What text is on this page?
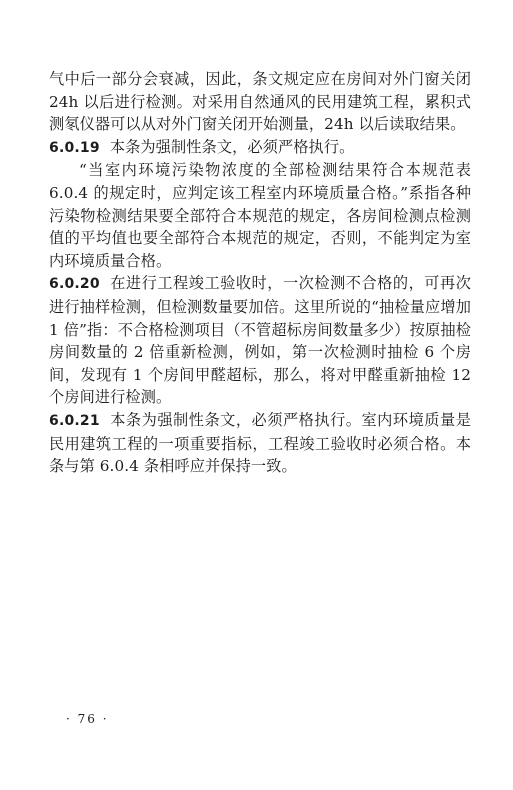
气中后一部分会衰减，因此，条文规定应在房间对外门窗关闭 24h 以后进行检测。对采用自然通风的民用建筑工程，累积式测氡仪器可以从对外门窗关闭开始测量，24h 以后读取结果。

6.0.19 本条为强制性条文，必须严格执行。

“当室内环境污染物浓度的全部检测结果符合本规范表6.0.4 的规定时，应判定该工程室内环境质量合格。”系指各种污染物检测结果要全部符合本规范的规定，各房间检测点检测值的平均值也要全部符合本规范的规定，否则，不能判定为室内环境质量合格。

6.0.20 在进行工程竣工验收时，一次检测不合格的，可再次进行抽样检测，但检测数量要加倍。这里所说的“抽检量应增加 1 倍”指：不合格检测项目（不管超标房间数量多少）按原抽检房间数量的 2 倍重新检测，例如，第一次检测时抽检 6 个房间，发现有 1 个房间甲醛超标，那么，将对甲醛重新抽检 12 个房间进行检测。

6.0.21 本条为强制性条文，必须严格执行。室内环境质量是民用建筑工程的一项重要指标，工程竣工验收时必须合格。本条与第 6.0.4 条相呼应并保持一致。

· 76 ·
